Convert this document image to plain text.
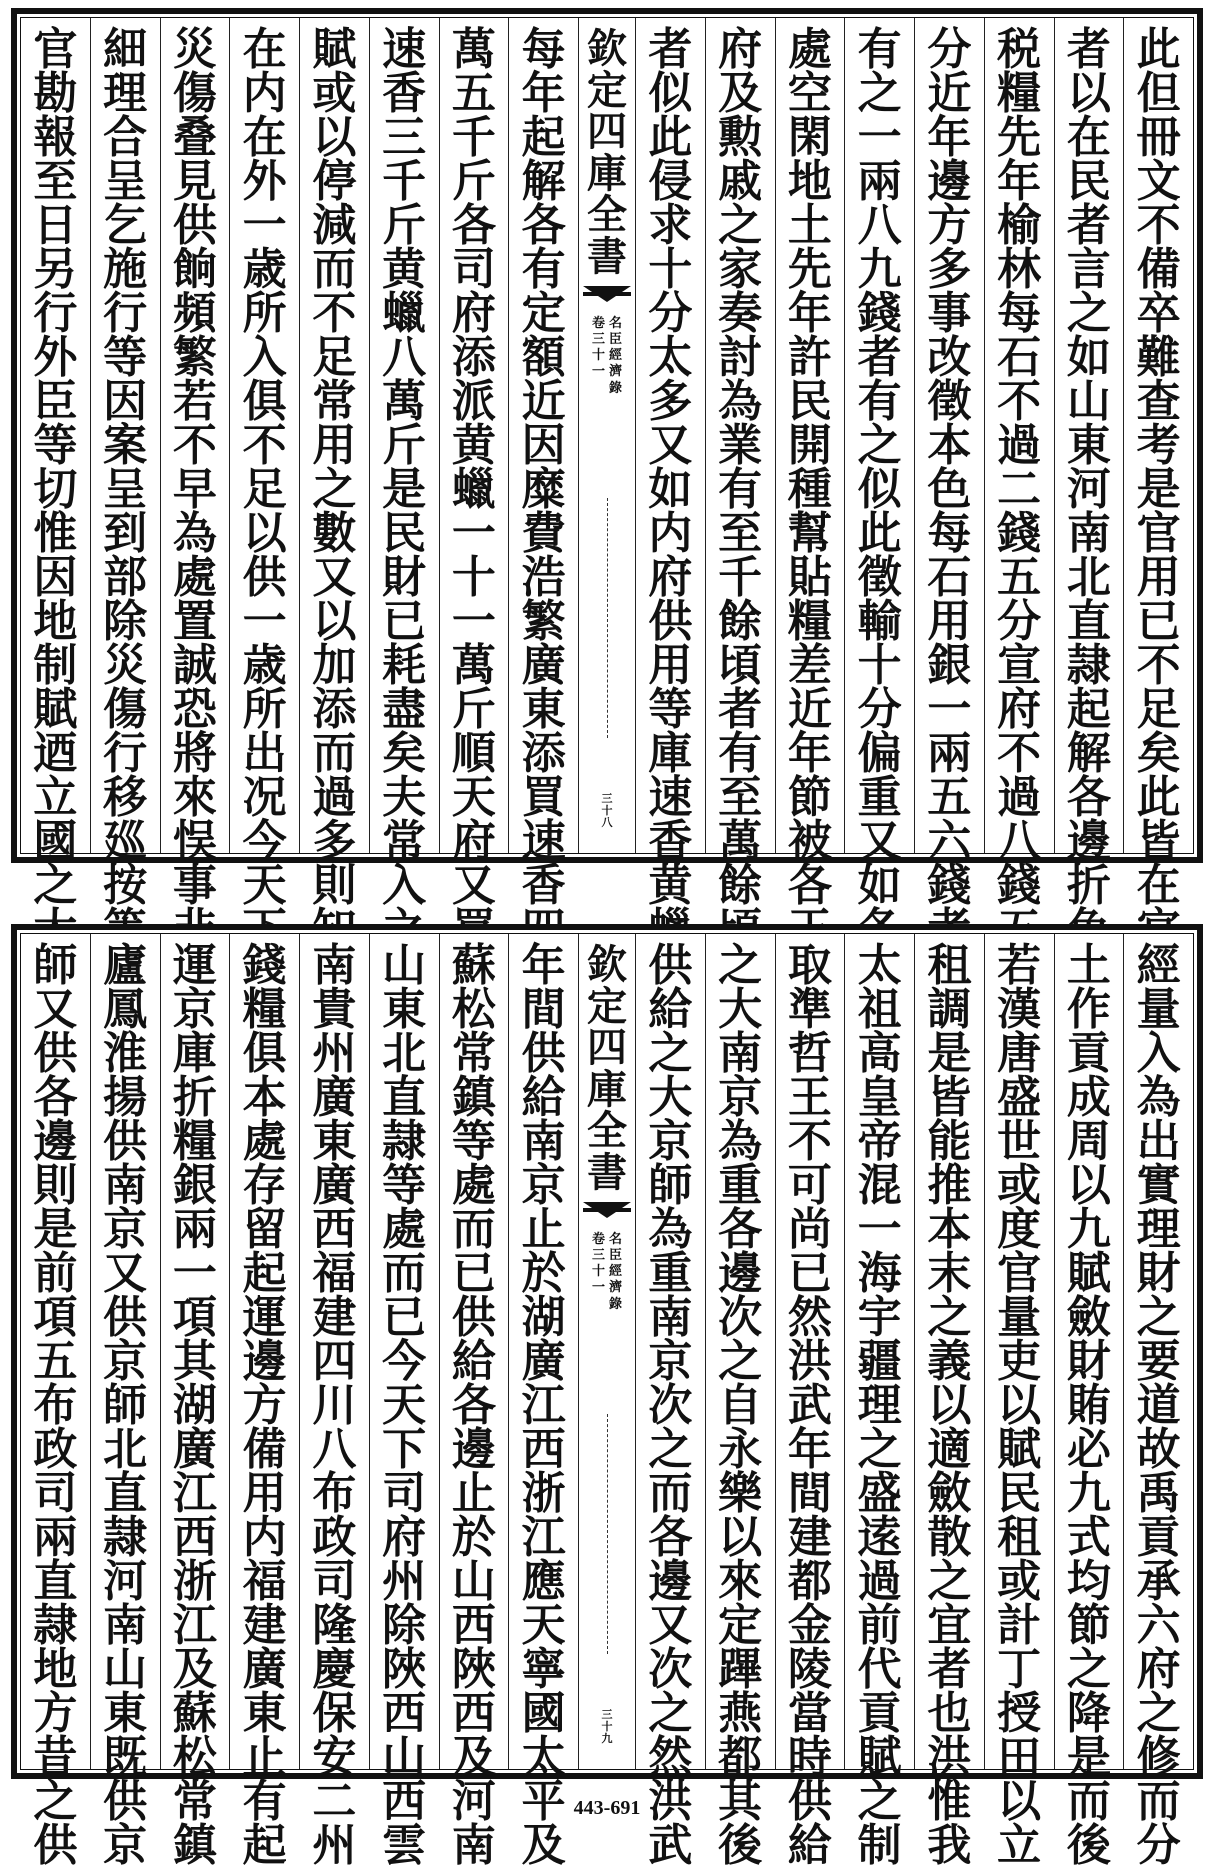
此
但
冊
文
不
備
卒
難
查
考
是
官
用
已
不
足
矣
此
皆
在
者
以
在
民
者
言
之
如
山
東
河
南
北
直
隷
起
解
各
邊
折
税
糧
先
年
榆
林
每
石
不
過
二
錢
五
分
宣
府
不
過
八
錢
分
近
年
邊
方
多
事
改
徵
本
色
每
石
用
銀
一
兩
五
六
錢
有
之
一
兩
八
九
錢
者
有
之
似
此
徵
輸
十
分
偏
重
又
如
處
空
閑
地
土
先
年
許
民
開
種
幫
貼
糧
差
近
年
節
被
各
府
及
勲
戚
之
家
奏
討
為
業
有
至
千
餘
頃
者
有
至
萬
餘
者
似
此
侵
求
十
分
太
多
又
如
内
府
供
用
等
庫
速
香
黄
欽
定
四
庫
全
書
名
臣
經
濟
錄
卷
三
十
一
三
十
八
每
年
起
解
各
有
定
額
近
因
糜
費
浩
繁
廣
東
添
買
速
香
萬
五
千
斤
各
司
府
添
派
黄
蠟
一
十
一
萬
斤
順
天
府
又
速
香
三
千
斤
黄
蠟
八
萬
斤
是
民
財
已
耗
盡
矣
夫
常
入
賦
或
以
停
減
而
不
足
常
用
之
數
又
以
加
添
而
過
多
則
在
内
在
外
一
歳
所
入
俱
不
足
以
供
一
歳
所
出
况
今
天
災
傷
叠
見
供
餉
頻
繁
若
不
早
為
處
置
誠
恐
將
來
悮
事
細
理
合
呈
乞
施
行
等
因
案
呈
到
部
除
災
傷
行
移
廵
按
官
勘
報
至
日
另
行
外
臣
等
切
惟
因
地
制
賦
迺
立
國
之
經
量
入
為
出
實
理
財
之
要
道
故
禹
貢
承
六
府
之
修
而
分
土
作
貢
成
周
以
九
賦
斂
財
賄
必
九
式
均
節
之
降
是
而
後
若
漢
唐
盛
世
或
度
官
量
吏
以
賦
民
租
或
計
丁
授
田
以
立
租
調
是
皆
能
推
本
末
之
義
以
適
斂
散
之
宜
者
也
洪
惟
我
太
祖
高
皇
帝
混
一
海
宇
疆
理
之
盛
逺
過
前
代
貢
賦
之
制
取
準
哲
王
不
可
尚
已
然
洪
武
年
間
建
都
金
陵
當
時
供
給
之
大
南
京
為
重
各
邊
次
之
自
永
樂
以
來
定
蹕
燕
都
其
後
供
給
之
大
京
師
為
重
南
京
次
之
而
各
邊
又
次
之
然
洪
武
欽
定
四
庫
全
書
名
臣
經
濟
錄
卷
三
十
一
三
十
九
年
間
供
給
南
京
止
於
湖
廣
江
西
浙
江
應
天
寧
國
太
平
及
蘇
松
常
鎮
等
處
而
已
供
給
各
邊
止
於
山
西
陜
西
及
河
南
山
東
北
直
隷
等
處
而
已
今
天
下
司
府
州
除
陜
西
山
西
雲
南
貴
州
廣
東
廣
西
福
建
四
川
八
布
政
司
隆
慶
保
安
二
州
錢
糧
俱
本
處
存
留
起
運
邊
方
備
用
内
福
建
廣
東
止
有
起
運
京
庫
折
糧
銀
兩
一
項
其
湖
廣
江
西
浙
江
及
蘇
松
常
鎮
廬
鳳
淮
揚
供
南
京
又
供
京
師
北
直
隷
河
南
山
東
既
供
京
師
又
供
各
邊
則
是
前
項
五
布
政
司
兩
直
隷
地
方
昔
之
供
443-691
